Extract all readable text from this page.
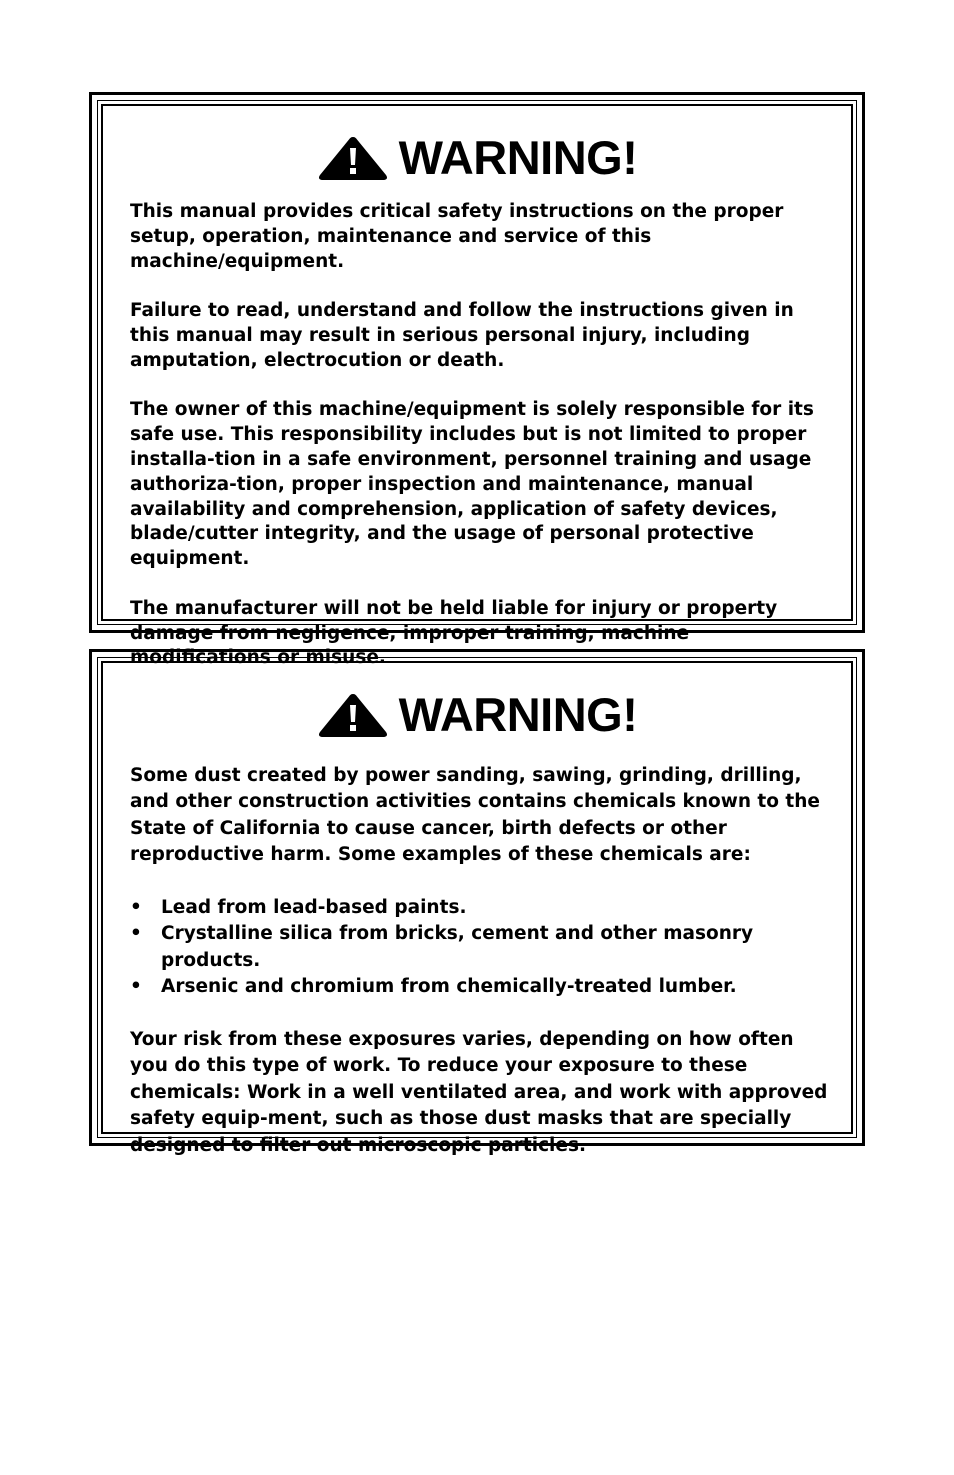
WARNING!

This manual provides critical safety instructions on the proper setup, operation, maintenance and service of this machine/equipment.

Failure to read, understand and follow the instructions given in this manual may result in serious personal injury, including amputation, electrocution or death.

The owner of this machine/equipment is solely responsible for its safe use. This responsibility includes but is not limited to proper installa-tion in a safe environment, personnel training and usage authoriza-tion, proper inspection and maintenance, manual availability and comprehension, application of safety devices, blade/cutter integrity, and the usage of personal protective equipment.

The manufacturer will not be held liable for injury or property damage from negligence, improper training, machine modifications or misuse.

WARNING!

Some dust created by power sanding, sawing, grinding, drilling, and other construction activities contains chemicals known to the State of California to cause cancer, birth defects or other reproductive harm. Some examples of these chemicals are:

• Lead from lead-based paints.
• Crystalline silica from bricks, cement and other masonry products.
• Arsenic and chromium from chemically-treated lumber.

Your risk from these exposures varies, depending on how often you do this type of work. To reduce your exposure to these chemicals: Work in a well ventilated area, and work with approved safety equip-ment, such as those dust masks that are specially designed to filter out microscopic particles.
